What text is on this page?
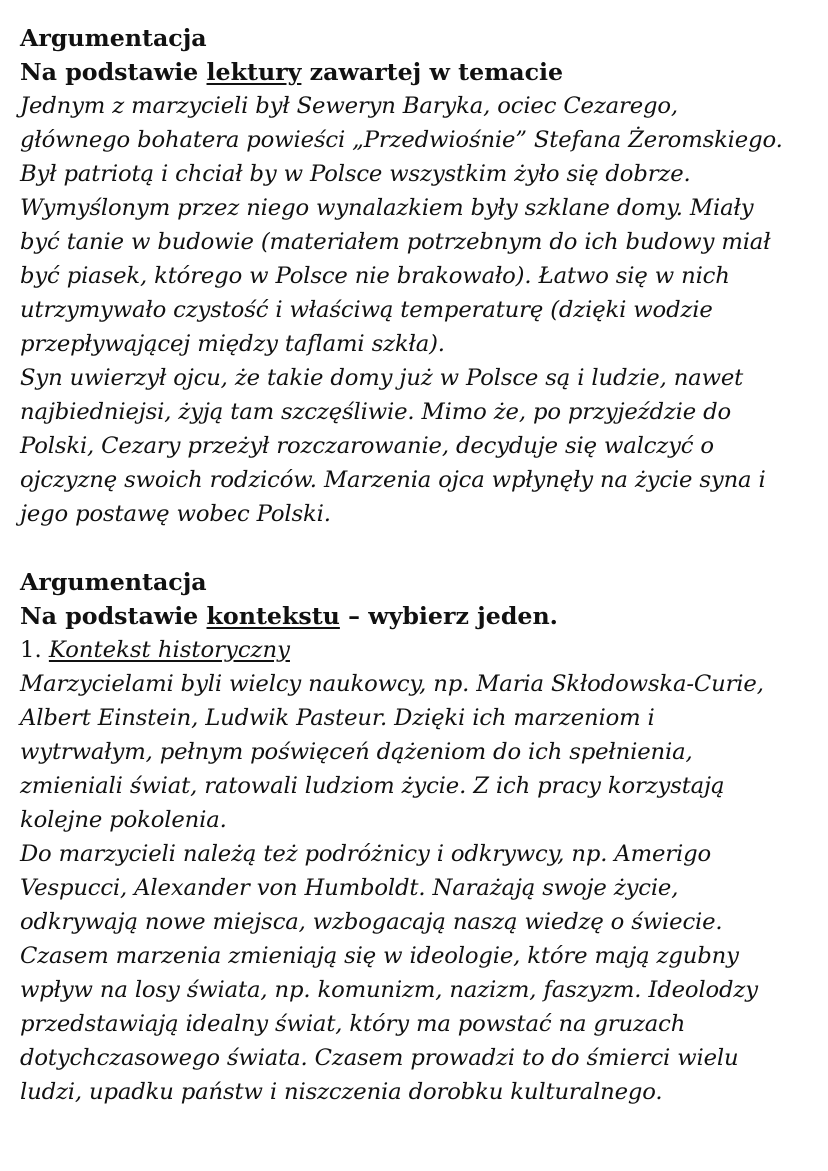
Argumentacja
Na podstawie lektury zawartej w temacie
Jednym z marzycieli był Seweryn Baryka, ociec Cezarego,
głównego bohatera powieści „Przedwiośnie” Stefana Żeromskiego.
Był patriotą i chciał by w Polsce wszystkim żyło się dobrze.
Wymyślonym przez niego wynalazkiem były szklane domy. Miały
być tanie w budowie (materiałem potrzebnym do ich budowy miał
być piasek, którego w Polsce nie brakowało). Łatwo się w nich
utrzymywało czystość i właściwą temperaturę (dzięki wodzie
przepływającej między taflami szkła).
Syn uwierzył ojcu, że takie domy już w Polsce są i ludzie, nawet
najbiedniejsi, żyją tam szczęśliwie. Mimo że, po przyjeździe do
Polski, Cezary przeżył rozczarowanie, decyduje się walczyć o
ojczyznę swoich rodziców. Marzenia ojca wpłynęły na życie syna i
jego postawę wobec Polski.
Argumentacja
Na podstawie kontekstu – wybierz jeden.
1. Kontekst historyczny
Marzycielami byli wielcy naukowcy, np. Maria Skłodowska-Curie,
Albert Einstein, Ludwik Pasteur. Dzięki ich marzeniom i
wytrwałym, pełnym poświęceń dążeniom do ich spełnienia,
zmieniali świat, ratowali ludziom życie. Z ich pracy korzystają
kolejne pokolenia.
Do marzycieli należą też podróżnicy i odkrywcy, np. Amerigo
Vespucci, Alexander von Humboldt. Narażają swoje życie,
odkrywają nowe miejsca, wzbogacają naszą wiedzę o świecie.
Czasem marzenia zmieniają się w ideologie, które mają zgubny
wpływ na losy świata, np. komunizm, nazizm, faszyzm. Ideolodzy
przedstawiają idealny świat, który ma powstać na gruzach
dotychczasowego świata. Czasem prowadzi to do śmierci wielu
ludzi, upadku państw i niszczenia dorobku kulturalnego.
